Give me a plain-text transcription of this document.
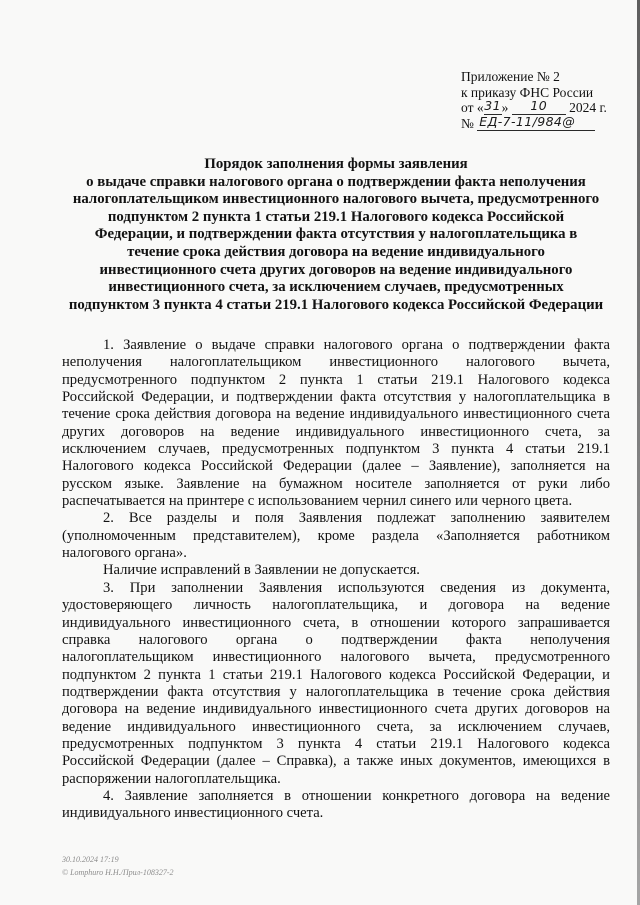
Приложение № 2
к приказу ФНС России
от «31» 10 2024 г.
№ ЕД-7-11/984@
Порядок заполнения формы заявления
о выдаче справки налогового органа о подтверждении факта неполучения
налогоплательщиком инвестиционного налогового вычета, предусмотренного
подпунктом 2 пункта 1 статьи 219.1 Налогового кодекса Российской
Федерации, и подтверждении факта отсутствия у налогоплательщика в
течение срока действия договора на ведение индивидуального
инвестиционного счета других договоров на ведение индивидуального
инвестиционного счета, за исключением случаев, предусмотренных
подпунктом 3 пункта 4 статьи 219.1 Налогового кодекса Российской Федерации
1. Заявление о выдаче справки налогового органа о подтверждении факта
неполучения налогоплательщиком инвестиционного налогового вычета,
предусмотренного подпунктом 2 пункта 1 статьи 219.1 Налогового кодекса
Российской Федерации, и подтверждении факта отсутствия у налогоплательщика в
течение срока действия договора на ведение индивидуального инвестиционного счета
других договоров на ведение индивидуального инвестиционного счета, за
исключением случаев, предусмотренных подпунктом 3 пункта 4 статьи 219.1
Налогового кодекса Российской Федерации (далее – Заявление), заполняется на
русском языке. Заявление на бумажном носителе заполняется от руки либо
распечатывается на принтере с использованием чернил синего или черного цвета.
2. Все разделы и поля Заявления подлежат заполнению заявителем
(уполномоченным представителем), кроме раздела «Заполняется работником
налогового органа».
Наличие исправлений в Заявлении не допускается.
3. При заполнении Заявления используются сведения из документа,
удостоверяющего личность налогоплательщика, и договора на ведение
индивидуального инвестиционного счета, в отношении которого запрашивается
справка налогового органа о подтверждении факта неполучения
налогоплательщиком инвестиционного налогового вычета, предусмотренного
подпунктом 2 пункта 1 статьи 219.1 Налогового кодекса Российской Федерации, и
подтверждении факта отсутствия у налогоплательщика в течение срока действия
договора на ведение индивидуального инвестиционного счета других договоров на
ведение индивидуального инвестиционного счета, за исключением случаев,
предусмотренных подпунктом 3 пункта 4 статьи 219.1 Налогового кодекса
Российской Федерации (далее – Справка), а также иных документов, имеющихся в
распоряжении налогоплательщика.
4. Заявление заполняется в отношении конкретного договора на ведение
индивидуального инвестиционного счета.
30.10.2024 17:19
© Lomphuro Н.Н./Прил-108327-2
